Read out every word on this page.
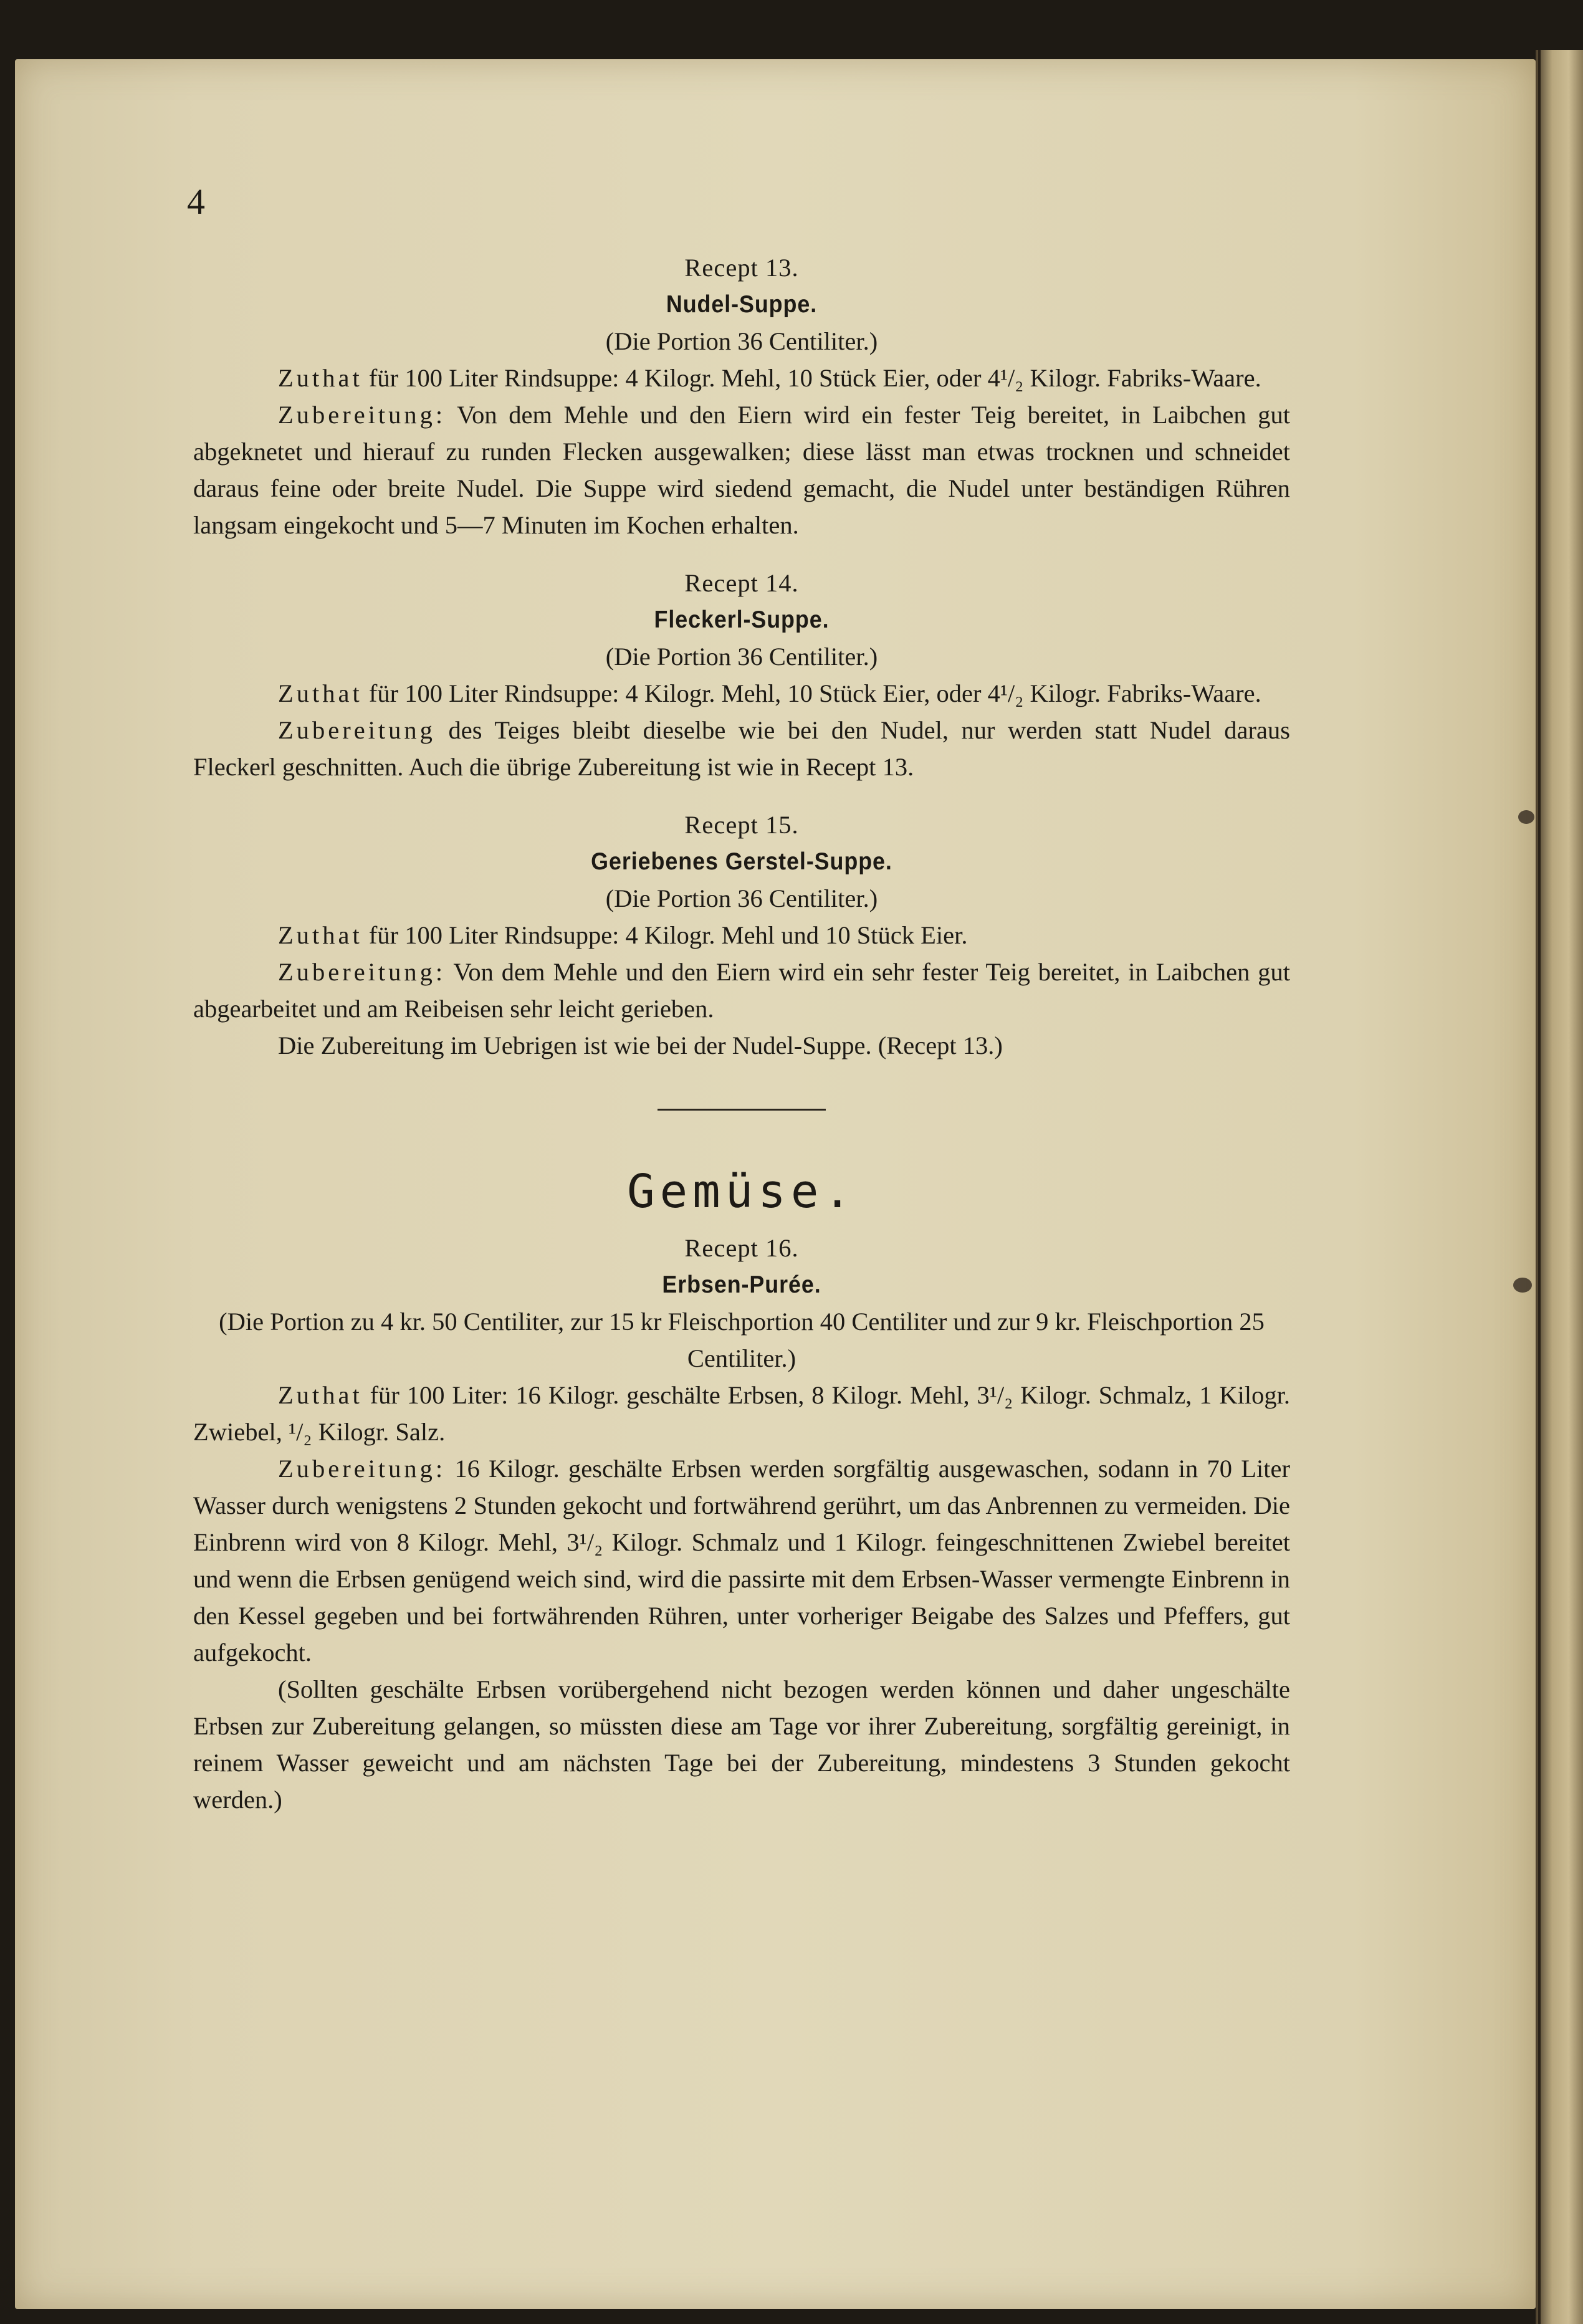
4
Recept 13.
Nudel-Suppe.
(Die Portion 36 Centiliter.)
Zuthat für 100 Liter Rindsuppe: 4 Kilogr. Mehl, 10 Stück Eier, oder 4¹/₂ Kilogr. Fabriks-Waare.
Zubereitung: Von dem Mehle und den Eiern wird ein fester Teig bereitet, in Laibchen gut abgeknetet und hierauf zu runden Flecken ausgewalken; diese lässt man etwas trocknen und schneidet daraus feine oder breite Nudel. Die Suppe wird siedend gemacht, die Nudel unter beständigen Rühren langsam eingekocht und 5—7 Minuten im Kochen erhalten.
Recept 14.
Fleckerl-Suppe.
(Die Portion 36 Centiliter.)
Zuthat für 100 Liter Rindsuppe: 4 Kilogr. Mehl, 10 Stück Eier, oder 4¹/₂ Kilogr. Fabriks-Waare.
Zubereitung des Teiges bleibt dieselbe wie bei den Nudel, nur werden statt Nudel daraus Fleckerl geschnitten. Auch die übrige Zubereitung ist wie in Recept 13.
Recept 15.
Geriebenes Gerstel-Suppe.
(Die Portion 36 Centiliter.)
Zuthat für 100 Liter Rindsuppe: 4 Kilogr. Mehl und 10 Stück Eier.
Zubereitung: Von dem Mehle und den Eiern wird ein sehr fester Teig bereitet, in Laibchen gut abgearbeitet und am Reibeisen sehr leicht gerieben.
Die Zubereitung im Uebrigen ist wie bei der Nudel-Suppe. (Recept 13.)
Gemüse.
Recept 16.
Erbsen-Purée.
(Die Portion zu 4 kr. 50 Centiliter, zur 15 kr Fleischportion 40 Centiliter und zur 9 kr. Fleischportion 25 Centiliter.)
Zuthat für 100 Liter: 16 Kilogr. geschälte Erbsen, 8 Kilogr. Mehl, 3¹/₂ Kilogr. Schmalz, 1 Kilogr. Zwiebel, ¹/₂ Kilogr. Salz.
Zubereitung: 16 Kilogr. geschälte Erbsen werden sorgfältig ausgewaschen, sodann in 70 Liter Wasser durch wenigstens 2 Stunden gekocht und fortwährend gerührt, um das Anbrennen zu vermeiden. Die Einbrenn wird von 8 Kilogr. Mehl, 3¹/₂ Kilogr. Schmalz und 1 Kilogr. feingeschnittenen Zwiebel bereitet und wenn die Erbsen genügend weich sind, wird die passirte mit dem Erbsen-Wasser vermengte Einbrenn in den Kessel gegeben und bei fortwährenden Rühren, unter vorheriger Beigabe des Salzes und Pfeffers, gut aufgekocht.
(Sollten geschälte Erbsen vorübergehend nicht bezogen werden können und daher ungeschälte Erbsen zur Zubereitung gelangen, so müssten diese am Tage vor ihrer Zubereitung, sorgfältig gereinigt, in reinem Wasser geweicht und am nächsten Tage bei der Zubereitung, mindestens 3 Stunden gekocht werden.)
